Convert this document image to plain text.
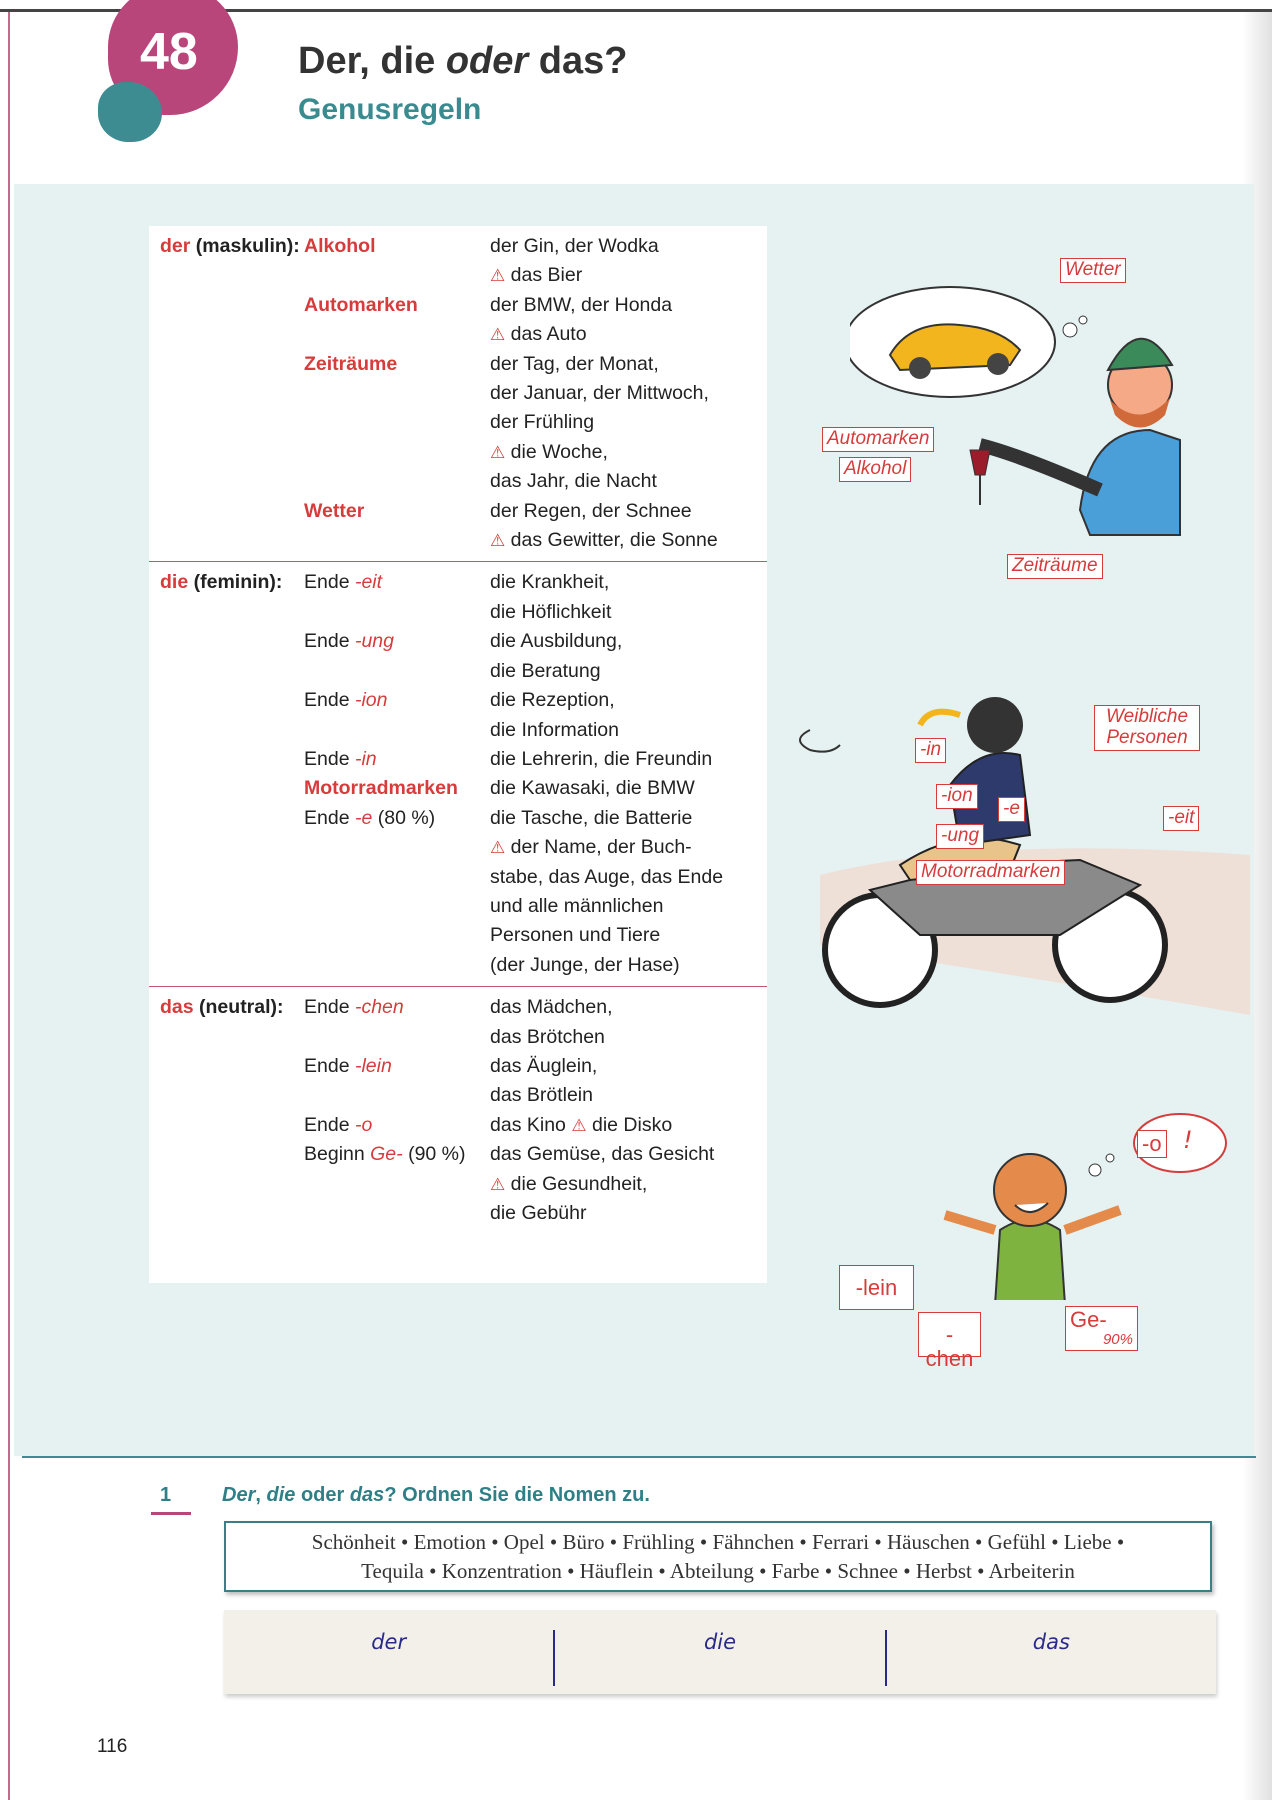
48	Der, die oder das?
Genusregeln
der (maskulin): Alkohol	der Gin, der Wodka
⚠ das Bier
Automarken	der BMW, der Honda
⚠ das Auto
Zeiträume	der Tag, der Monat,
der Januar, der Mittwoch,
der Frühling
⚠ die Woche,
das Jahr, die Nacht
Wetter	der Regen, der Schnee
⚠ das Gewitter, die Sonne
die (feminin):	Ende -eit	die Krankheit,
die Höflichkeit
Ende -ung	die Ausbildung,
die Beratung
Ende -ion	die Rezeption,
die Information
Ende -in	die Lehrerin, die Freundin
Motorradmarken	die Kawasaki, die BMW
Ende -e (80 %)	die Tasche, die Batterie
⚠ der Name, der Buch-
stabe, das Auge, das Ende
und alle männlichen
Personen und Tiere
(der Junge, der Hase)
das (neutral):	Ende -chen	das Mädchen,
das Brötchen
Ende -lein	das Äuglein,
das Brötlein
Ende -o	das Kino ⚠ die Disko
Beginn Ge- (90 %)	das Gemüse, das Gesicht
⚠ die Gesundheit,
die Gebühr
Wetter
Automarken
Alkohol
Zeiträume
Weibliche Personen
-in
-ion
-e
-ung
Motorradmarken
-eit
-o !
-lein
-chen
Ge-

90%
1	Der, die oder das? Ordnen Sie die Nomen zu.
Schönheit • Emotion • Opel • Büro • Frühling • Fähnchen • Ferrari • Häuschen • Gefühl • Liebe •
Tequila • Konzentration • Häuflein • Abteilung • Farbe • Schnee • Herbst • Arbeiterin
der	die	das
116
